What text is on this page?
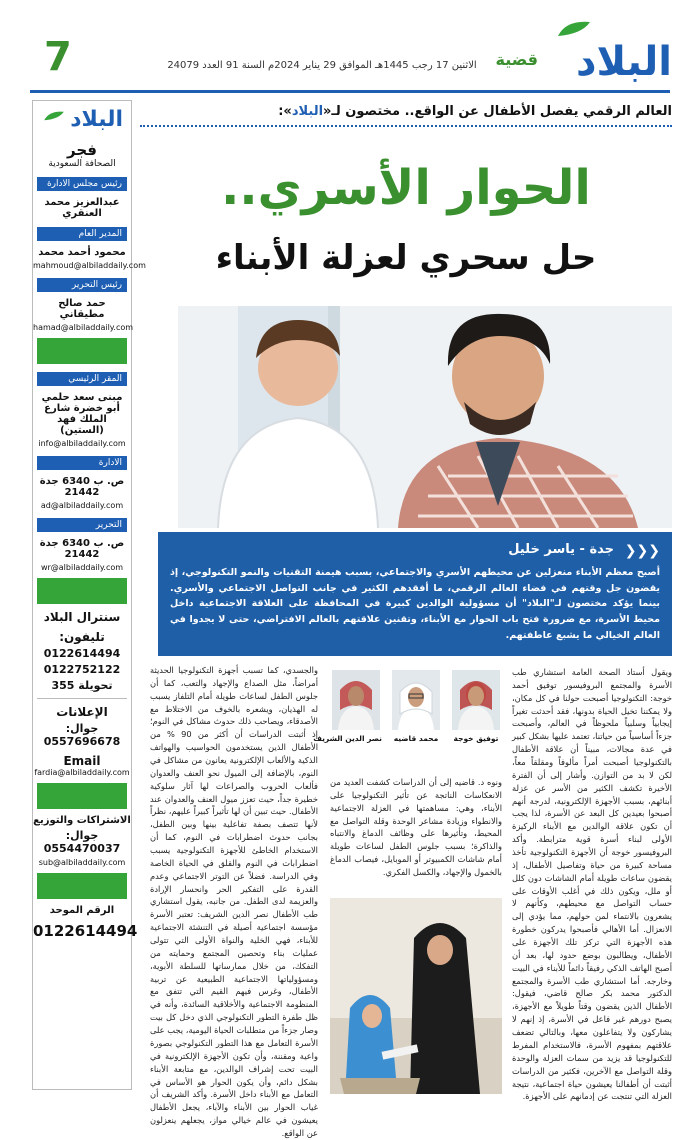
7	الاثنين 17 رجب 1445هـ الموافق 29 يناير 2024م السنة 91 العدد 24079	قضية البلاد
البلاد
فجر
الصحافة السعودية
رئيس مجلس الادارة
عبدالعزيز محمد العنقري
المدير العام
محمود أحمد محمد
mahmoud@albiladdaily.com
رئيس التحرير
حمد صالح مطيقاني
hamad@albiladdaily.com
المقر الرئيسي
مبنى سعد حلمي أبو خضرة شارع الملك فهد (الستين)
info@albiladdaily.com
الادارة
ص. ب 6340 جدة 21442
ad@albiladdaily.com
التحرير
ص. ب 6340 جدة 21442
wr@albiladdaily.com
سنترال البلاد
تليفون:
0122614494
0122752122
تحويلة 355
الإعلانات
جوال: 0557696678
Email
fardia@albiladdaily.com
الاشتراكات والتوزيع
جوال: 0554470037
sub@albiladdaily.com
الرقم الموحد
0122614494
العالم الرقمي يفصل الأطفال عن الواقع.. مختصون لـ«البلاد»:
الحوار الأسري..
حل سحري لعزلة الأبناء
❮❮❮
جدة - ياسر خليل
أصبح معظم الأبناء منعزلين عن محيطهم الأسري والاجتماعي، بسبب هيمنة التقنيات والنمو التكنولوجي، إذ يقضون جل وقتهم في فضاء العالم الرقمي، ما أفقدهم الكثير في جانب التواصل الاجتماعي والأسري. بينما يؤكد مختصون لـ"البلاد" أن مسؤولية الوالدين كبيرة في المحافظة على العلاقة الاجتماعية داخل محيط الأسرة، مع ضرورة فتح باب الحوار مع الأبناء، وتقنين علاقتهم بالعالم الافتراضي، حتى لا يجدوا في العالم الخيالي ما يشبع عاطفتهم.
ويقول أستاذ الصحة العامة استشاري طب الأسرة والمجتمع البروفيسور توفيق أحمد خوجة: التكنولوجيا أصبحت حولنا في كل مكان، ولا يمكننا تخيل الحياة بدونها، فقد أحدثت تغيراً إيجابياً وسلبياً ملحوظاً في العالم، وأصبحت جزءاً أساسياً من حياتنا، تعتمد عليها بشكل كبير في عدة مجالات، مبيناً أن علاقة الأطفال بالتكنولوجيا أصبحت أمراً مألوفاً ومقلقاً معاً، لكن لا بد من التوازن. وأشار إلى أن الفترة الأخيرة تكشف الكثير من الأسر عن عزلة أبنائهم، بسبب الأجهزة الإلكترونية، لدرجة أنهم أصبحوا بعيدين كل البعد عن الأسرة، لذا يجب أن تكون علاقة الوالدين مع الأبناء الركيزة الأولى لبناء أسرة قوية مترابطة. وأكد البروفيسور خوجة أن الأجهزة التكنولوجية تأخذ مساحة كبيرة من حياة وتفاصيل الأطفال، إذ يقضون ساعات طويلة أمام الشاشات دون كلل أو ملل، ويكون ذلك في أغلب الأوقات على حساب التواصل مع محيطهم، وكأنهم لا يشعرون بالانتماء لمن حولهم، مما يؤدي إلى الانعزال. أما الأهالي فأصبحوا يدركون خطورة هذه الأجهزة التي تركز تلك الأجهزة على الأطفال، ويطالبون بوضع حدود لها، بعد أن أصبح الهاتف الذكي رفيقاً دائماً للأبناء في البيت وخارجه. أما استشاري طب الأسرة والمجتمع الدكتور محمد بكر صالح قاضي، فيقول: الأطفال الذين يقضون وقتاً طويلاً مع الأجهزة، يصبح دورهم غير فاعل في الأسرة، إذ إنهم لا يشاركون ولا يتفاعلون معها، وبالتالي تضعف علاقتهم بمفهوم الأسرة، فالاستخدام المفرط للتكنولوجيا قد يزيد من سمات العزلة والوحدة وقلة التواصل مع الآخرين، فكثير من الدراسات أثبتت أن أطفالنا يعيشون حياة اجتماعية، نتيجة العزلة التي تنتجت عن إدمانهم على الأجهزة.
توفيق خوجة
محمد قاضيه
نصر الدين الشريف
ونوه د. قاضيه إلى أن الدراسات كشفت العديد من الانعكاسات الناتجة عن تأثير التكنولوجيا على الأبناء، وهي: مساهمتها في العزلة الاجتماعية والانطواء وزيادة مشاعر الوحدة وقلة التواصل مع المحيط، وتأثيرها على وظائف الدماغ والانتباه والذاكرة؛ بسبب جلوس الطفل لساعات طويلة أمام شاشات الكمبيوتر أو الموبايل، فيصاب الدماغ بالخمول والإجهاد، والكسل الفكري.
والجسدي، كما تسبب أجهزة التكنولوجيا الحديثة أمراضاً، مثل الصداع والإجهاد والتعب، كما أن جلوس الطفل لساعات طويلة أمام التلفاز يسبب له الهذيان، ويشعره بالخوف من الاختلاط مع الأصدقاء، ويصاحب ذلك حدوث مشاكل في النوم؛ إذ أثبتت الدراسات أن أكثر من 90 % من الأطفال الذين يستخدمون الحواسيب والهواتف الذكية والألعاب الإلكترونية يعانون من مشاكل في النوم، بالإضافة إلى الميول نحو العنف والعدوان فألعاب الحروب والصراعات لها آثار سلوكية خطيرة جداً، حيث تعزز ميول العنف والعدوان عند الأطفال. حيث تبين أن لها تأثيراً كبيراً عليهم، نظراً لأنها تتصف بصفة تفاعلية بينها وبين الطفل، بجانب حدوث اضطرابات في النوم، كما أن الاستخدام الخاطئ للأجهزة التكنولوجية يسبب اضطرابات في النوم والقلق في الحياة الخاصة وفي الدراسة. فضلاً عن التوتر الاجتماعي وعدم القدرة على التفكير الحر وانحسار الإرادة والعزيمة لدى الطفل. من جانبه، يقول استشاري طب الأطفال نصر الدين الشريف: تعتبر الأسرة مؤسسة اجتماعية أصيلة في التنشئة الاجتماعية للأبناء، فهي الخلية والنواة الأولى التي تتولى عمليات بناء وتحصين المجتمع وحمايته من التفكك، من خلال ممارساتها للسلطة الأبوية، ومسؤولياتها الاجتماعية الطبيعية عن تربية الأطفال، وغرس فيهم القيم التي تتفق مع المنظومة الاجتماعية والأخلاقية السائدة، وأنه في ظل طفرة التطور التكنولوجي الذي دخل كل بيت وصار جزءاً من متطلبات الحياة اليومية، يجب على الأسرة التعامل مع هذا التطور التكنولوجي بصورة واعية ومقننة، وأن تكون الأجهزة الإلكترونية في البيت تحت إشراف الوالدين، مع متابعة الأبناء بشكل دائم، وأن يكون الحوار هو الأساس في التعامل مع الأبناء داخل الأسرة. وأكد الشريف أن غياب الحوار بين الأبناء والآباء، يجعل الأطفال يعيشون في عالم خيالي مواز، يجعلهم ينعزلون عن الواقع.
